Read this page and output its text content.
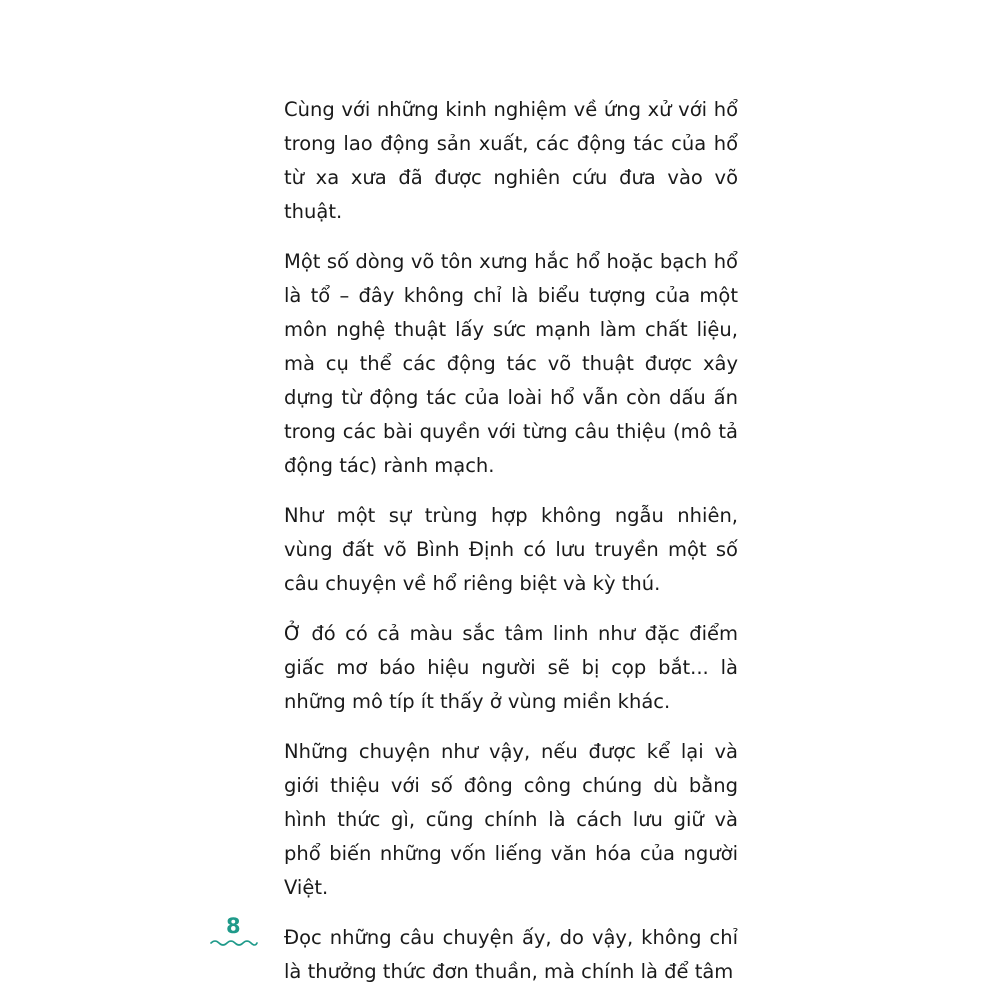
Cùng với những kinh nghiệm về ứng xử với hổ trong lao động sản xuất, các động tác của hổ từ xa xưa đã được nghiên cứu đưa vào võ thuật.

Một số dòng võ tôn xưng hắc hổ hoặc bạch hổ là tổ – đây không chỉ là biểu tượng của một môn nghệ thuật lấy sức mạnh làm chất liệu, mà cụ thể các động tác võ thuật được xây dựng từ động tác của loài hổ vẫn còn dấu ấn trong các bài quyền với từng câu thiệu (mô tả động tác) rành mạch.

Như một sự trùng hợp không ngẫu nhiên, vùng đất võ Bình Định có lưu truyền một số câu chuyện về hổ riêng biệt và kỳ thú.

Ở đó có cả màu sắc tâm linh như đặc điểm giấc mơ báo hiệu người sẽ bị cọp bắt... là những mô típ ít thấy ở vùng miền khác.

Những chuyện như vậy, nếu được kể lại và giới thiệu với số đông công chúng dù bằng hình thức gì, cũng chính là cách lưu giữ và phổ biến những vốn liếng văn hóa của người Việt.

Đọc những câu chuyện ấy, do vậy, không chỉ là thưởng thức đơn thuần, mà chính là để tâm

8
